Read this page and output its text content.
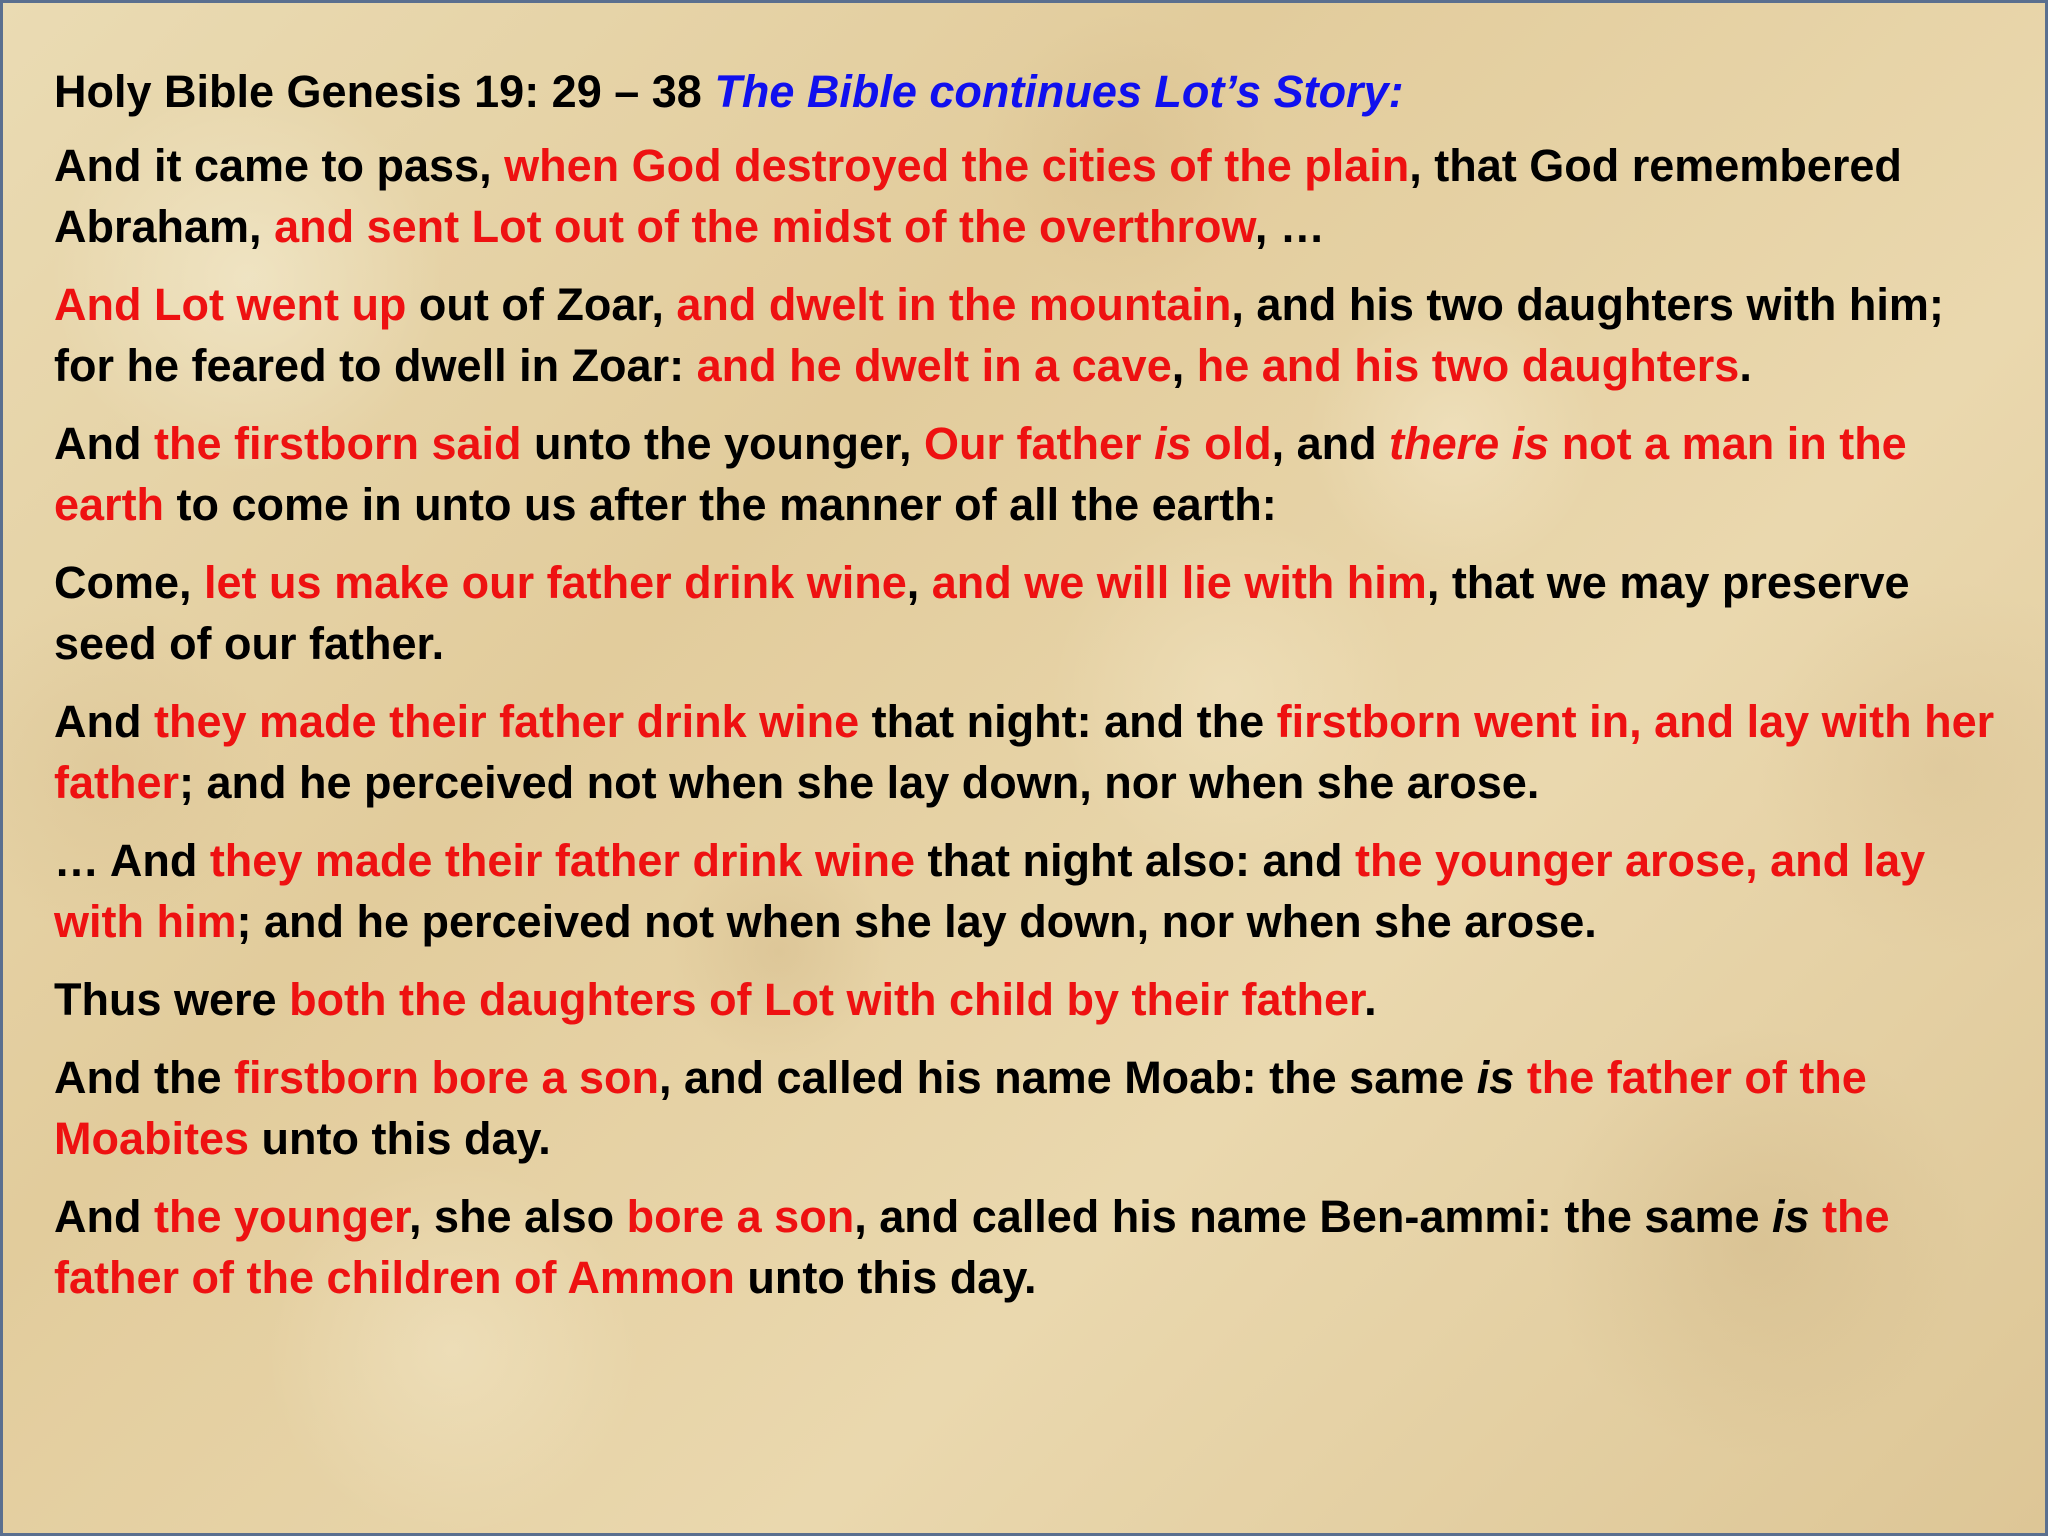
Holy Bible Genesis 19: 29 – 38 The Bible continues Lot’s Story:
And it came to pass, when God destroyed the cities of the plain, that God remembered Abraham, and sent Lot out of the midst of the overthrow, …
And Lot went up out of Zoar, and dwelt in the mountain, and his two daughters with him; for he feared to dwell in Zoar: and he dwelt in a cave, he and his two daughters.
And the firstborn said unto the younger, Our father is old, and there is not a man in the earth to come in unto us after the manner of all the earth:
Come, let us make our father drink wine, and we will lie with him, that we may preserve seed of our father.
And they made their father drink wine that night: and the firstborn went in, and lay with her father; and he perceived not when she lay down, nor when she arose.
… And they made their father drink wine that night also: and the younger arose, and lay with him; and he perceived not when she lay down, nor when she arose.
Thus were both the daughters of Lot with child by their father.
And the firstborn bore a son, and called his name Moab: the same is the father of the Moabites unto this day.
And the younger, she also bore a son, and called his name Ben-ammi: the same is the father of the children of Ammon unto this day.
